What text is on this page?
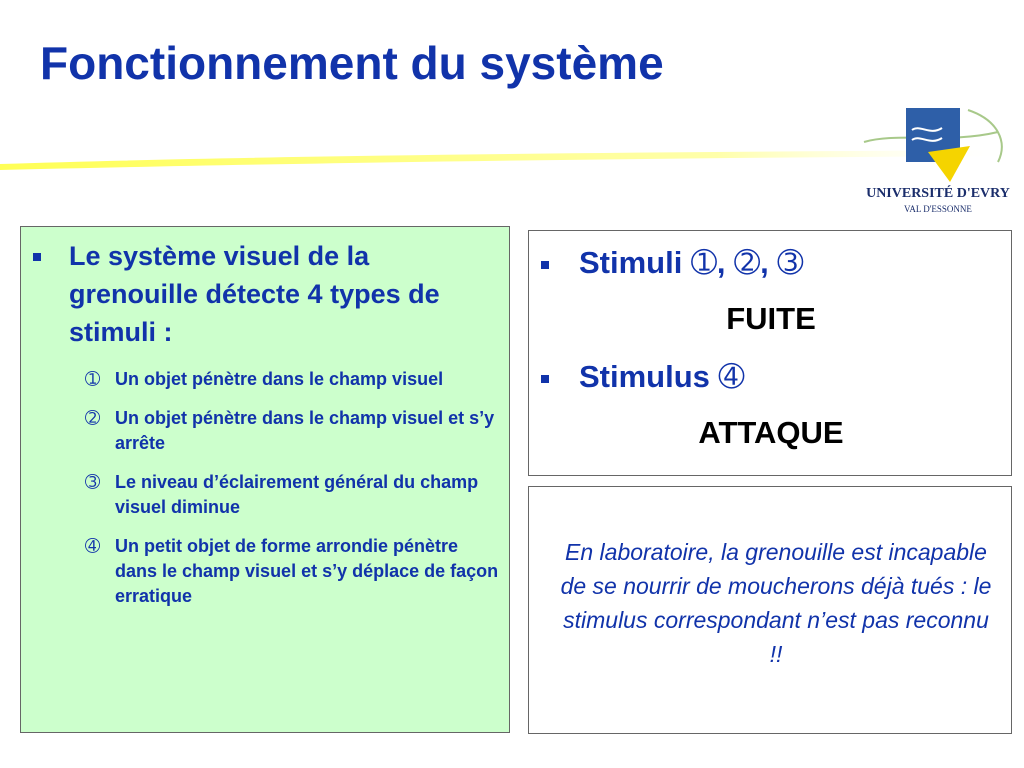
Fonctionnement du système
UNIVERSITÉ D'EVRY
VAL D'ESSONNE
Le système visuel de la grenouille détecte 4 types de stimuli :
➀ Un objet pénètre dans le champ visuel
➁ Un objet pénètre dans le champ visuel et s’y arrête
➂ Le niveau d’éclairement général du champ visuel diminue
➃ Un petit objet de forme arrondie pénètre dans le champ visuel et s’y déplace de façon erratique
Stimuli ➀, ➁, ➂
FUITE
Stimulus ➃
ATTAQUE
En laboratoire, la grenouille est incapable de se nourrir de moucherons déjà tués : le stimulus correspondant n’est pas reconnu !!
